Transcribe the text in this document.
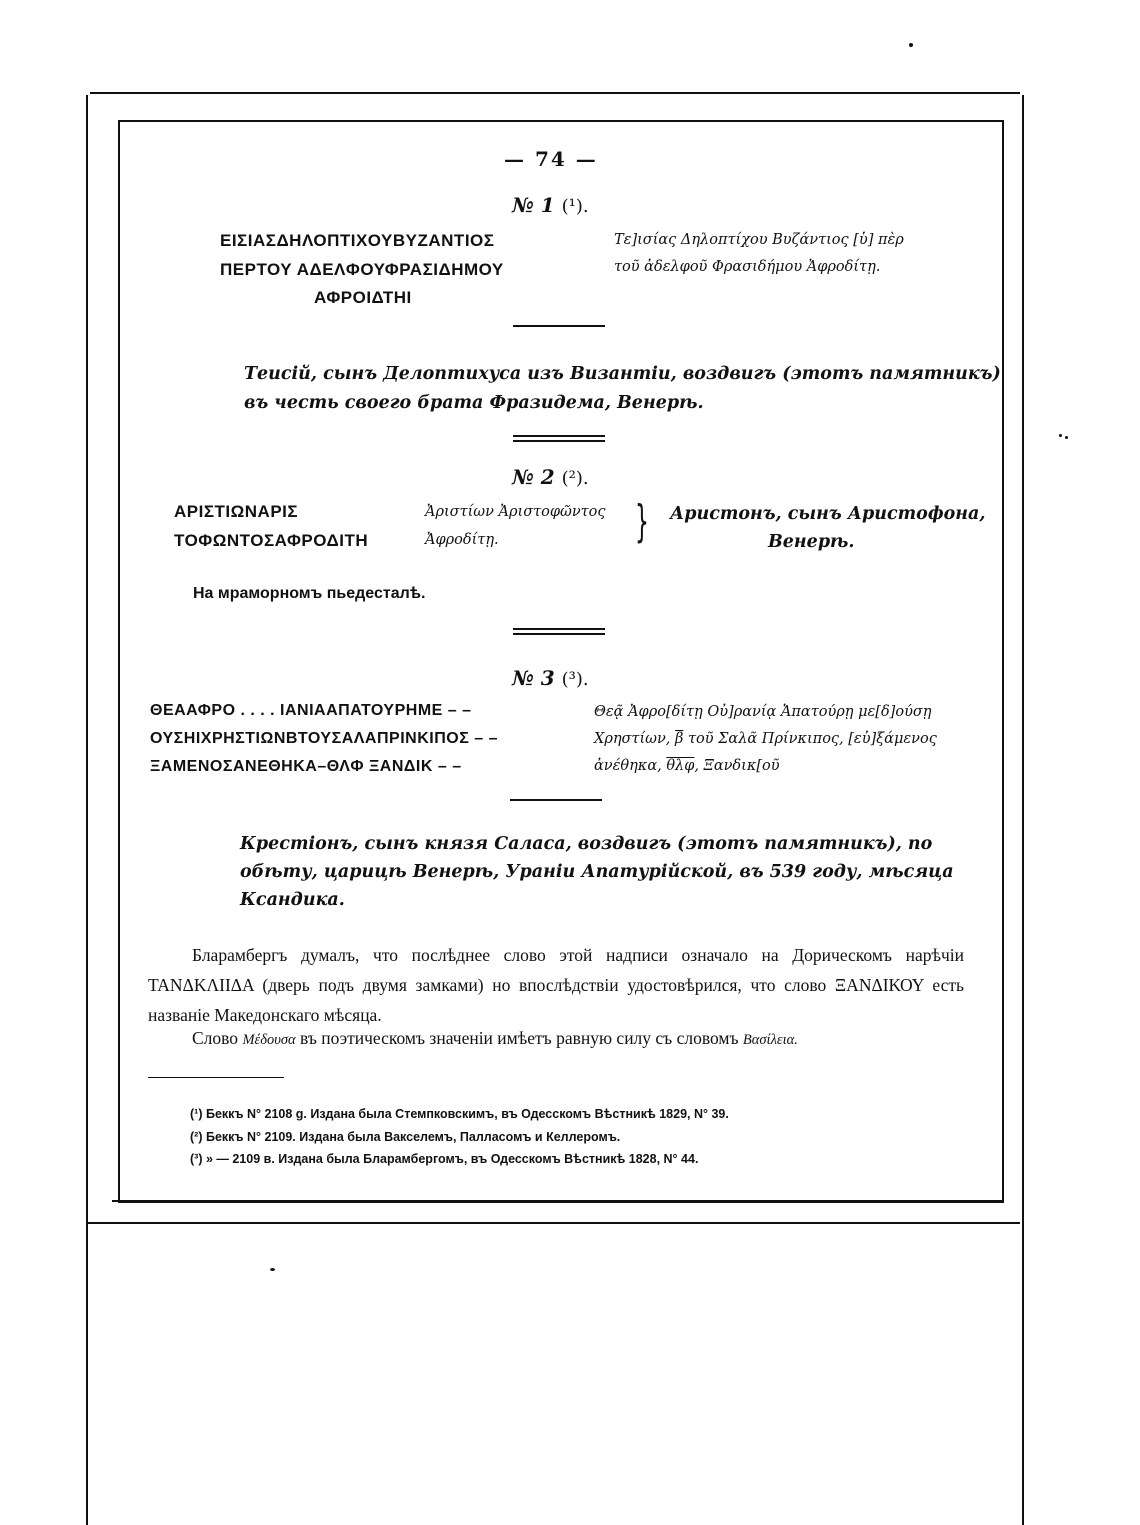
— 74 —
№ 1 (¹).
ΕΙΣΙΑΣΔΗΛΟΠΤΙΧΟΥΒΥΖΑΝΤΙΟΣ
ΠΕΡΤΟΥ ΑΔΕΛΦΟΥΦΡΑΣΙΔΗΜΟΥ
ΑΦΡΟΙΔΤΗΙ
Τε]ισίας Δηλοπτίχου Βυζάντιος [ὑ] πὲρ
τοῦ ἀδελφοῦ Φρασιδήμου Ἀφροδίτῃ.
Теисiй, сынъ Делоптихуса изъ Византiи, воздвигъ (этотъ памятникъ)
въ честь своего брата Фразидема, Венерѣ.
№ 2 (²).
ΑΡΙΣΤΙΩΝΑΡΙΣ
ΤΟΦΩΝΤΟΣΑΦΡΟΔΙΤΗ
Ἀριστίων Ἀριστοφῶντος
Ἀφροδίτῃ.	} Аристонъ, сынъ Аристофона,
Венерѣ.
На мраморномъ пьедесталѣ.
№ 3 (³).
ΘΕΑΑΦΡΟ . . . . ΙΑΝΙΑΑΠΑΤΟΥΡΗΜΕ – –
ΟΥΣΗΙΧΡΗΣΤΙΩΝΒΤΟΥΣΑΛΑΠΡΙΝΚΙΠΟΣ – –
ΞΑΜΕΝΟΣΑΝΕΘΗΚΑ–ΘΛΦ ΞΑΝΔΙΚ – –
Θεᾷ Ἀφρο[δίτῃ Οὐ]ρανίᾳ Ἀπατούρῃ με[δ]ούσῃ
Χρηστίων, $\overline{\beta}$ τοῦ Σαλᾶ Πρίνκιπος, [εὐ]ξάμενος
ἀνέθηκα, $\overline{\theta\lambda\varphi}$, Ξανδικ[οῦ
Крестiонъ, сынъ князя Саласа, воздвигъ (этотъ памятникъ), по
обѣту, царицѣ Венерѣ, Уранiи Апатурiйской, въ 539 году, мѣсяца
Ксандика.
Бларамбергъ думалъ, что послѣднее слово этой надписи означало на Дорическомъ нарѣчiи ΤΑΝΔΚΛΙΙΔΑ (дверь подъ двумя замками) но впослѣдствiи удостовѣрился, что слово ΞΑΝΔΙΚΟΥ есть названiе Македонскаго мѣсяца.
Слово Μέδουσα въ поэтическомъ значенiи имѣетъ равную силу съ словомъ Βασίλεια.
(¹) Беккъ N° 2108 g. Издана была Стемпковскимъ, въ Одесскомъ Вѣстникѣ 1829, N° 39.
(²) Беккъ N° 2109. Издана была Вакселемъ, Палласомъ и Келлеромъ.
(³) » — 2109 в. Издана была Бларамбергомъ, въ Одесскомъ Вѣстникѣ 1828, N° 44.
